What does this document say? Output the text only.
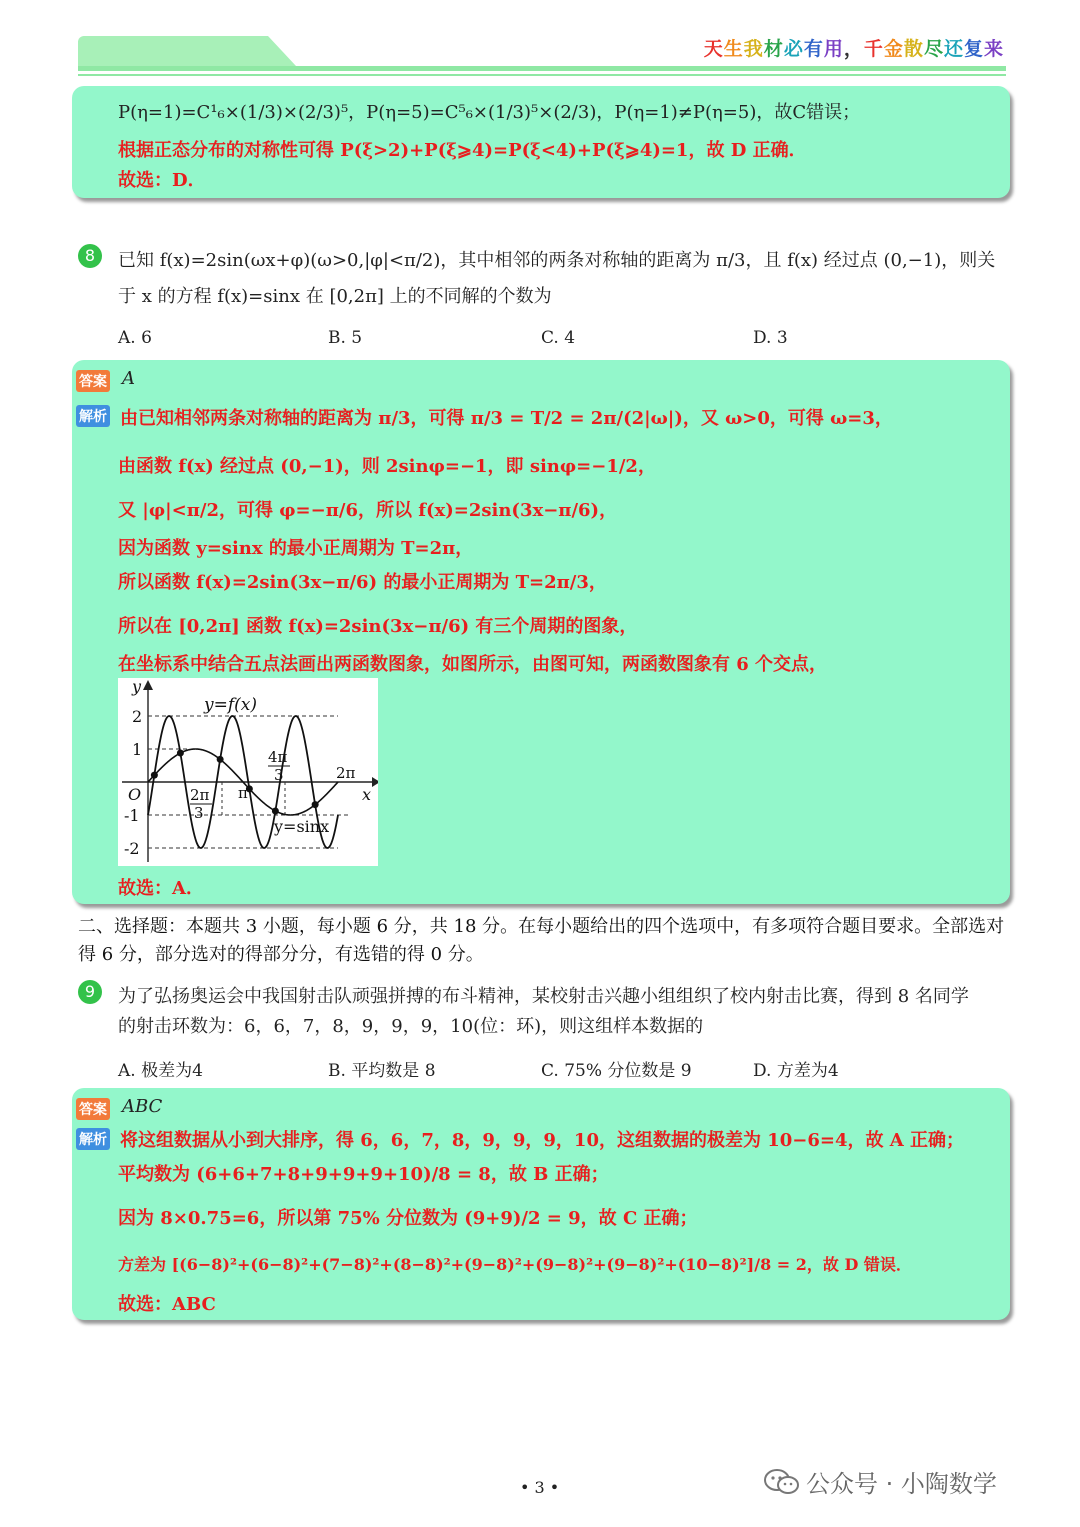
天生我材必有用，千金散尽还复来
P(η=1)=C¹₆×(1/3)×(2/3)⁵，P(η=5)=C⁵₆×(1/3)⁵×(2/3)，P(η=1)≠P(η=5)，故C错误；
根据正态分布的对称性可得 P(ξ>2)+P(ξ⩾4)=P(ξ<4)+P(ξ⩾4)=1，故 D 正确．
故选：D．
8	已知 f(x)=2sin(ωx+φ)(ω>0,|φ|<π/2)，其中相邻的两条对称轴的距离为 π/3，且 f(x) 经过点 (0,−1)，则关
于 x 的方程 f(x)=sinx 在 [0,2π] 上的不同解的个数为
A. 6	B. 5	C. 4	D. 3
答案 A
解析 由已知相邻两条对称轴的距离为 π/3，可得 π/3 = T/2 = 2π/(2|ω|)，又 ω>0，可得 ω=3，
由函数 f(x) 经过点 (0,−1)，则 2sinφ=−1，即 sinφ=−1/2，
又 |φ|<π/2，可得 φ=−π/6，所以 f(x)=2sin(3x−π/6)，
因为函数 y=sinx 的最小正周期为 T=2π，
所以函数 f(x)=2sin(3x−π/6) 的最小正周期为 T=2π/3，
所以在 [0,2π] 函数 f(x)=2sin(3x−π/6) 有三个周期的图象，
在坐标系中结合五点法画出两函数图象，如图所示，由图可知，两函数图象有 6 个交点，
y
x
O
2
1
-1
-2
y=f(x)
y=sinx
2π
3
π
4π
3	2π
故选：A．
二、选择题：本题共 3 小题，每小题 6 分，共 18 分。在每小题给出的四个选项中，有多项符合题目要求。全部选对
得 6 分，部分选对的得部分分，有选错的得 0 分。
9	为了弘扬奥运会中我国射击队顽强拼搏的布斗精神，某校射击兴趣小组组织了校内射击比赛，得到 8 名同学
的射击环数为：6，6，7，8，9，9，9，10(位：环)，则这组样本数据的
A. 极差为4	B. 平均数是 8	C. 75% 分位数是 9	D. 方差为4
答案 ABC
解析 将这组数据从小到大排序，得 6，6，7，8，9，9，9，10，这组数据的极差为 10−6=4，故 A 正确；
平均数为 (6+6+7+8+9+9+9+10)/8 = 8，故 B 正确；
因为 8×0.75=6，所以第 75% 分位数为 (9+9)/2 = 9，故 C 正确；
方差为 [(6−8)²+(6−8)²+(7−8)²+(8−8)²+(9−8)²+(9−8)²+(9−8)²+(10−8)²]/8 = 2，故 D 错误．
故选：ABC
• 3 •	公众号 · 小陶数学
